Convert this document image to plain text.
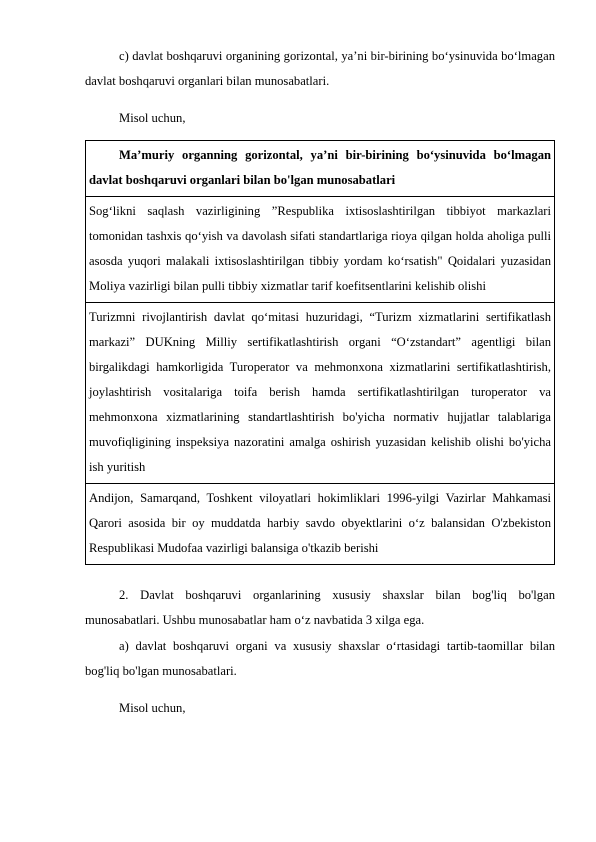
c) davlat boshqaruvi organining gorizontal, ya’ni bir-birining bo‘ysinuvida bo‘lmagan davlat boshqaruvi organlari bilan munosabatlari.

Misol uchun,

Ma’muriy organning gorizontal, ya’ni bir-birining bo‘ysinuvida bo‘lmagan davlat boshqaruvi organlari bilan bo'lgan munosabatlari
Sog‘likni saqlash vazirligining ”Respublika ixtisoslashtirilgan tibbiyot markazlari tomonidan tashxis qo‘yish va davolash sifati standartlariga rioya qilgan holda aholiga pulli asosda yuqori malakali ixtisoslashtirilgan tibbiy yordam ko‘rsatish" Qoidalari yuzasidan Moliya vazirligi bilan pulli tibbiy xizmatlar tarif koefitsentlarini kelishib olishi
Turizmni rivojlantirish davlat qo‘mitasi huzuridagi, “Turizm xizmatlarini sertifikatlash markazi” DUKning Milliy sertifikatlashtirish organi “O‘zstandart” agentligi bilan birgalikdagi hamkorligida Turoperator va mehmonxona xizmatlarini sertifikatlashtirish, joylashtirish vositalariga toifa berish hamda sertifikatlashtirilgan turoperator va mehmonxona xizmatlarining standartlashtirish bo'yicha normativ hujjatlar talablariga muvofiqligining inspeksiya nazoratini amalga oshirish yuzasidan kelishib olishi bo'yicha ish yuritish
Andijon, Samarqand, Toshkent viloyatlari hokimliklari 1996-yilgi Vazirlar Mahkamasi Qarori asosida bir oy muddatda harbiy savdo obyektlarini o‘z balansidan O'zbekiston Respublikasi Mudofaa vazirligi balansiga o'tkazib berishi

2. Davlat boshqaruvi organlarining xususiy shaxslar bilan bog'liq bo'lgan munosabatlari. Ushbu munosabatlar ham o‘z navbatida 3 xilga ega.

a) davlat boshqaruvi organi va xususiy shaxslar o‘rtasidagi tartib-taomillar bilan bog'liq bo'lgan munosabatlari.

Misol uchun,
